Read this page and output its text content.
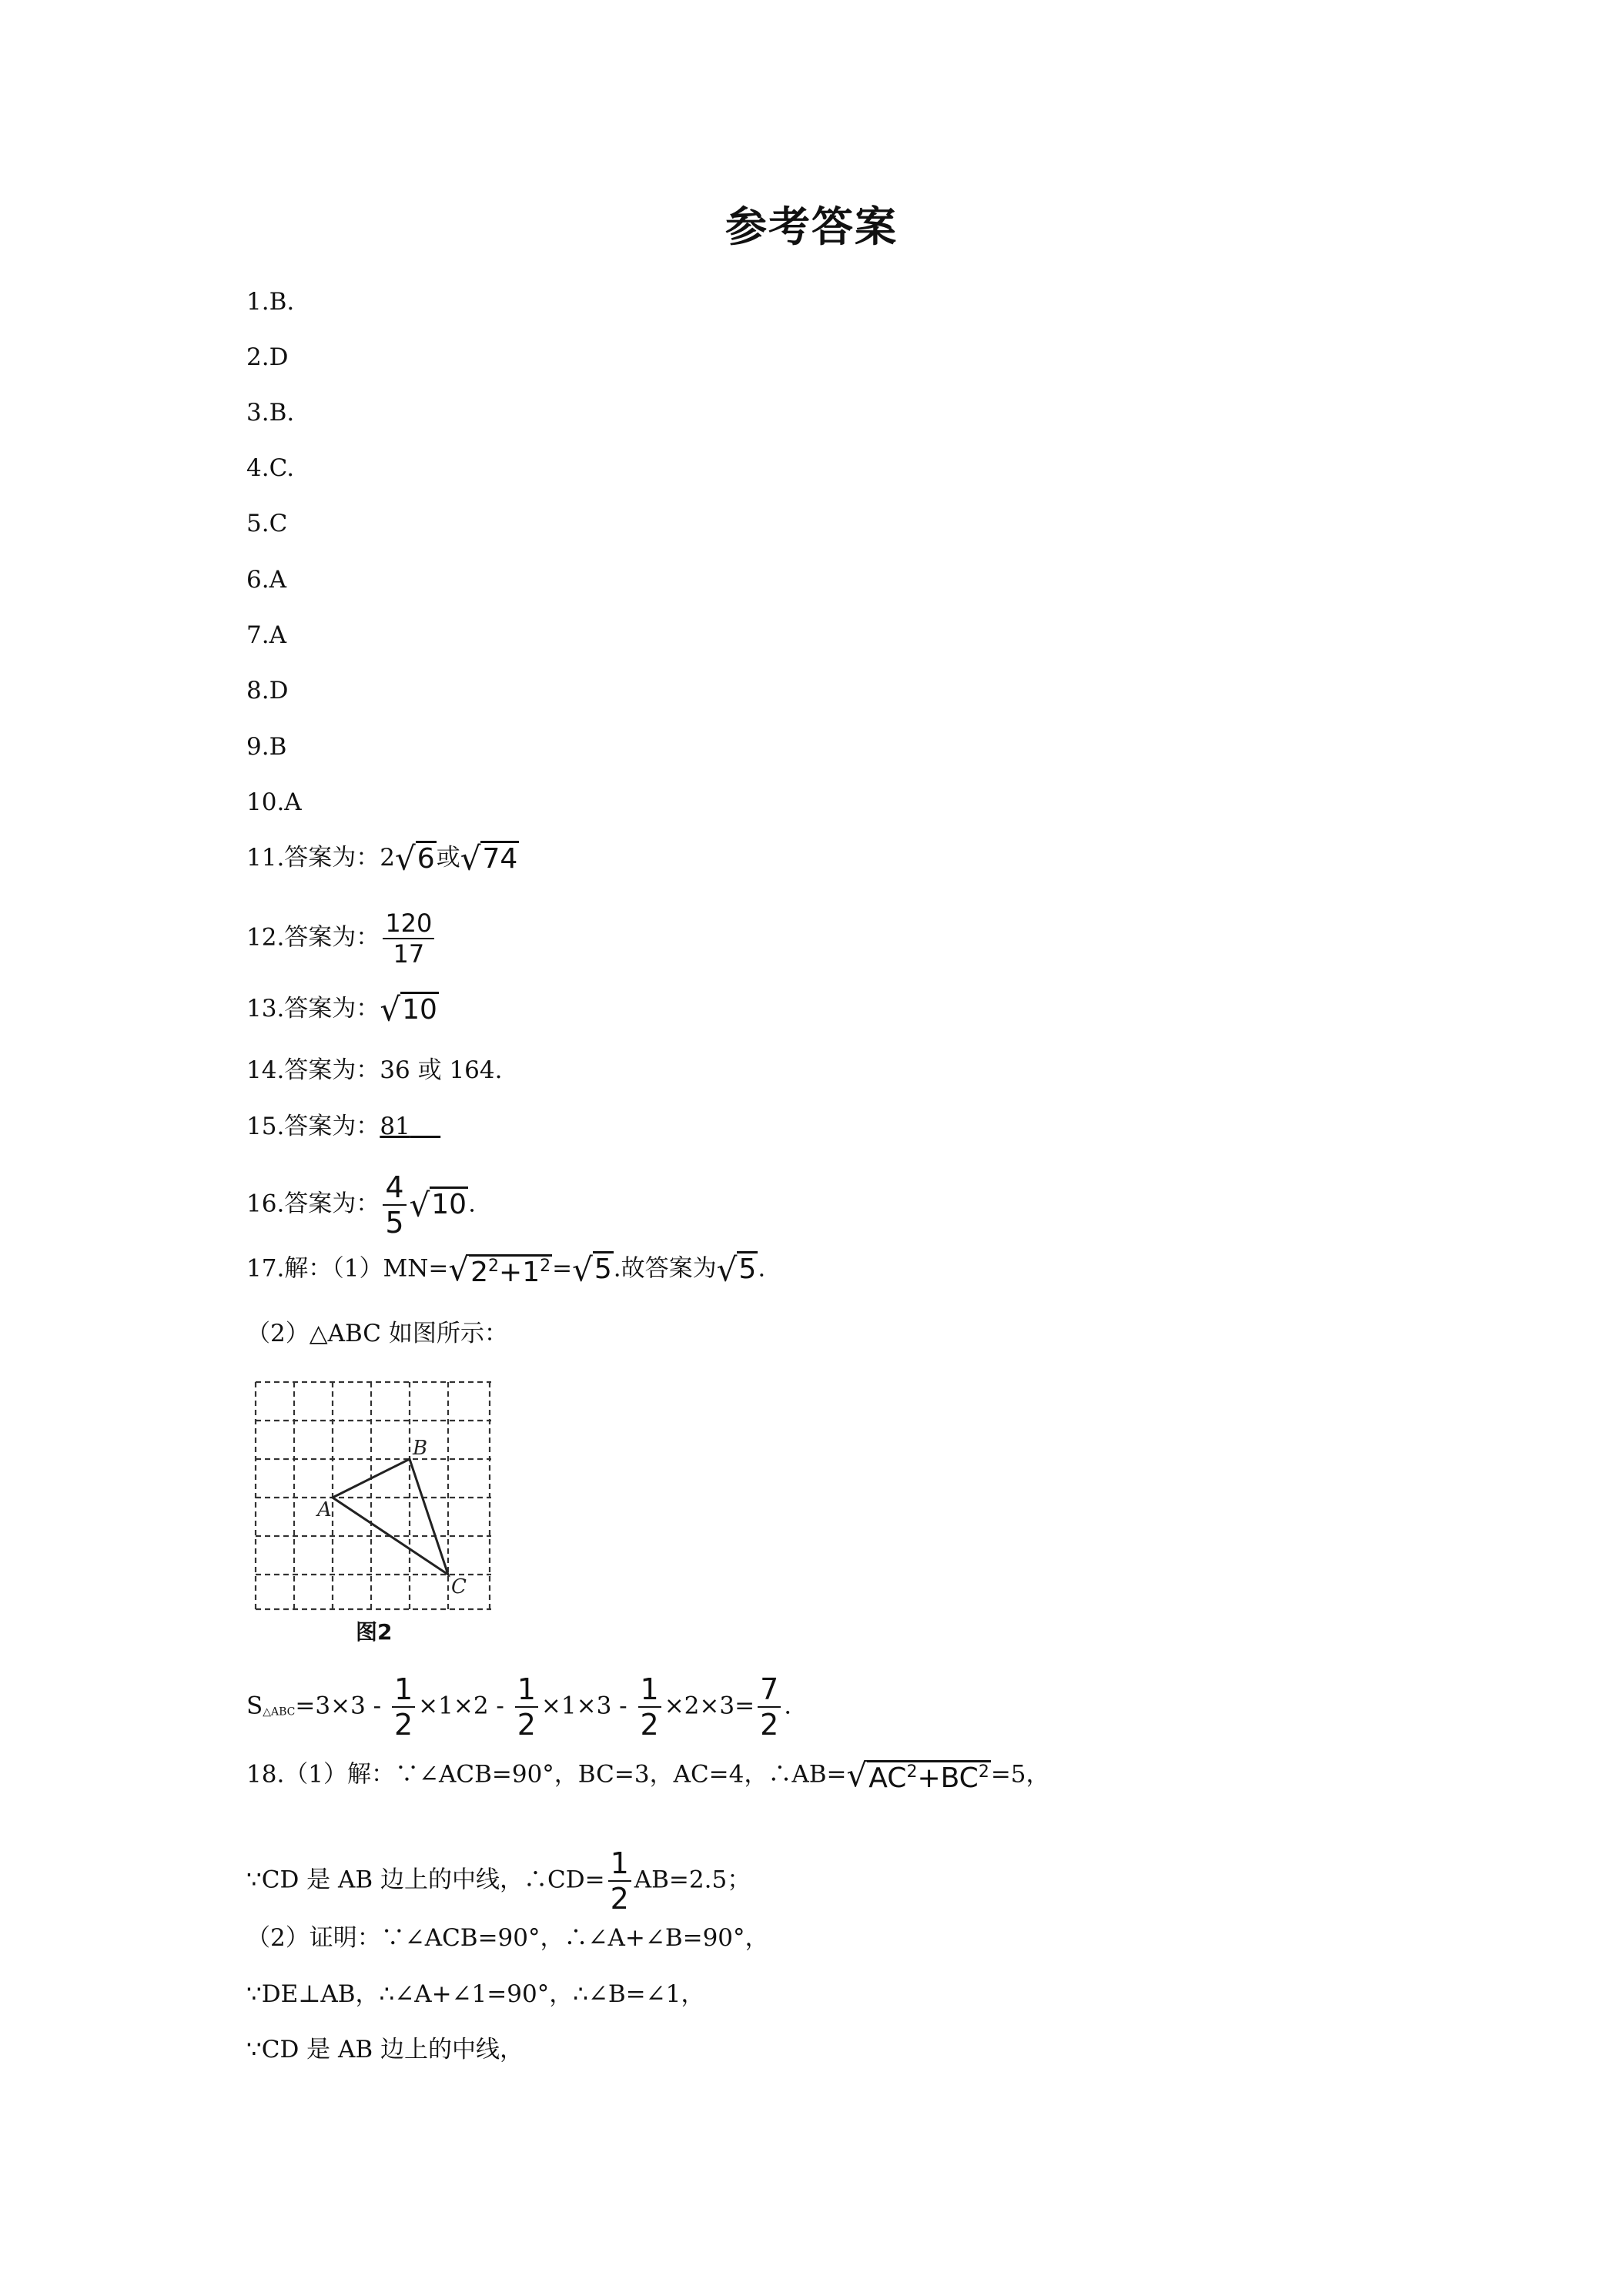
参考答案
1.B.
2.D
3.B.
4.C.
5.C
6.A
7.A
8.D
9.B
10.A
11.答案为：2√6或√74
12.答案为： $\frac{120}{17}$
13.答案为：√10
14.答案为：36 或 164.
15.答案为：81
16.答案为： $\frac{4}{5} √10$.
17.解：$(1)MN=√2^2+1^2=√5$.故答案为√5.
（2）△ABC 如图所示：
A
B
C
图2
S△ABC=3×3 - $\frac{1}{2} \times 1\times 2 - \frac{1}{2} \times 1\times 3 - \frac{1}{2} \times 2\times 3= \frac{7}{2}$ .
18.（1）解：∵∠ACB=90°，BC=3，AC=4，$\therefore AB=√AC^2+BC^2=5$，
∵CD 是 AB 边上的中线，∴CD= $\frac{1}{2} AB=2.5$；
（2）证明：∵∠ACB=90°，∴∠A+∠B=90°，
∵DE⊥AB，∴∠A+∠1=90°，∴∠B=∠1，
∵CD 是 AB 边上的中线，
